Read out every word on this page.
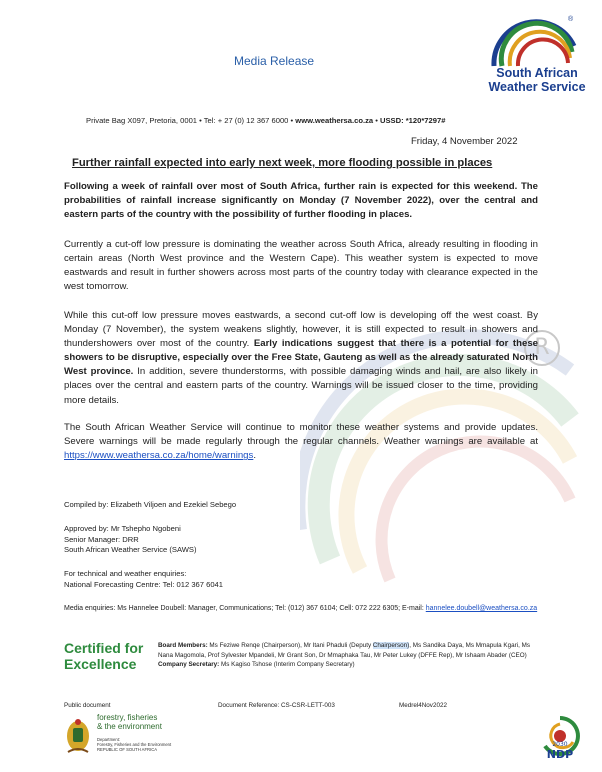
R
Media Release
®
South African
Weather Service
Private Bag X097, Pretoria, 0001 • Tel: + 27 (0) 12 367 6000 • www.weathersa.co.za • USSD: *120*7297#
Friday, 4 November 2022
Further rainfall expected into early next week, more flooding possible in places
Following a week of rainfall over most of South Africa, further rain is expected for this weekend. The probabilities of rainfall increase significantly on Monday (7 November 2022), over the central and eastern parts of the country with the possibility of further flooding in places.
Currently a cut-off low pressure is dominating the weather across South Africa, already resulting in flooding in certain areas (North West province and the Western Cape). This weather system is expected to move eastwards and result in further showers across most parts of the country today with clearance expected in the west tomorrow.
While this cut-off low pressure moves eastwards, a second cut-off low is developing off the west coast. By Monday (7 November), the system weakens slightly, however, it is still expected to result in showers and thundershowers over most of the country. Early indications suggest that there is a potential for these showers to be disruptive, especially over the Free State, Gauteng as well as the already saturated North West province. In addition, severe thunderstorms, with possible damaging winds and hail, are also likely in places over the central and eastern parts of the country. Warnings will be issued closer to the time, providing more details.
The South African Weather Service will continue to monitor these weather systems and provide updates. Severe warnings will be made regularly through the regular channels. Weather warnings are available at https://www.weathersa.co.za/home/warnings.
Compiled by: Elizabeth Viljoen and Ezekiel Sebego
Approved by: Mr Tshepho Ngobeni
Senior Manager: DRR
South African Weather Service (SAWS)
For technical and weather enquiries:
National Forecasting Centre: Tel: 012 367 6041
Media enquiries: Ms Hannelee Doubell: Manager, Communications; Tel: (012) 367 6104; Cell: 072 222 6305; E-mail: hannelee.doubell@weathersa.co.za
Certified for
Excellence
Board Members: Ms Feziwe Renqe (Chairperson), Mr Itani Phaduli (Deputy Chairperson), Ms Sandika Daya, Ms Mmapula Kgari, Ms Nana Magomola, Prof Sylvester Mpandeli, Mr Grant Son, Dr Mmaphaka Tau, Mr Peter Lukey (DFFE Rep), Mr Ishaam Abader (CEO)
Company Secretary: Ms Kagiso Tshose (Interim Company Secretary)
Public document	Document Reference: CS-CSR-LETT-003	Medrel4Nov2022
forestry, fisheries
& the environment
Department:
Forestry, Fisheries and the Environment
REPUBLIC OF SOUTH AFRICA
2030
NDP
